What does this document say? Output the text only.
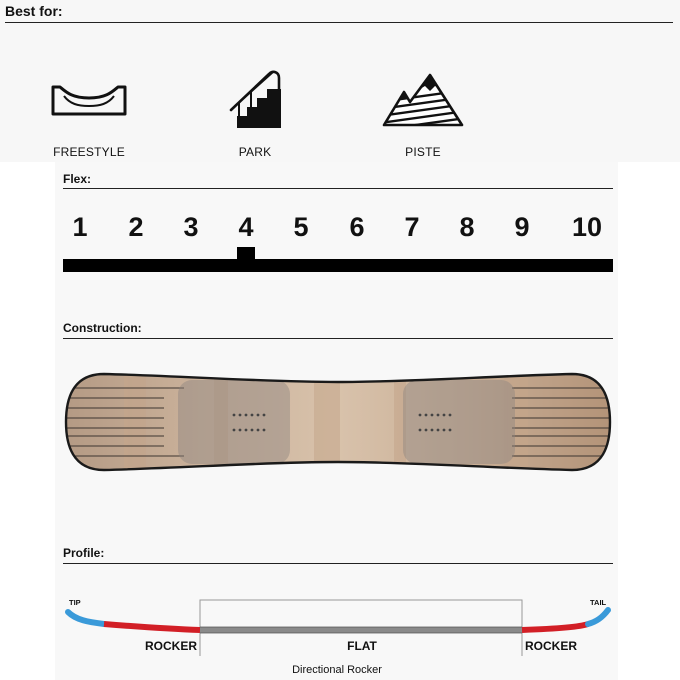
Best for:
FREESTYLE	PARK	PISTE
Flex:
1 2 3 4 5 6 7 8 9 10
Construction:
Profile:
TIP	TAIL
ROCKER	FLAT	ROCKER
Directional Rocker
